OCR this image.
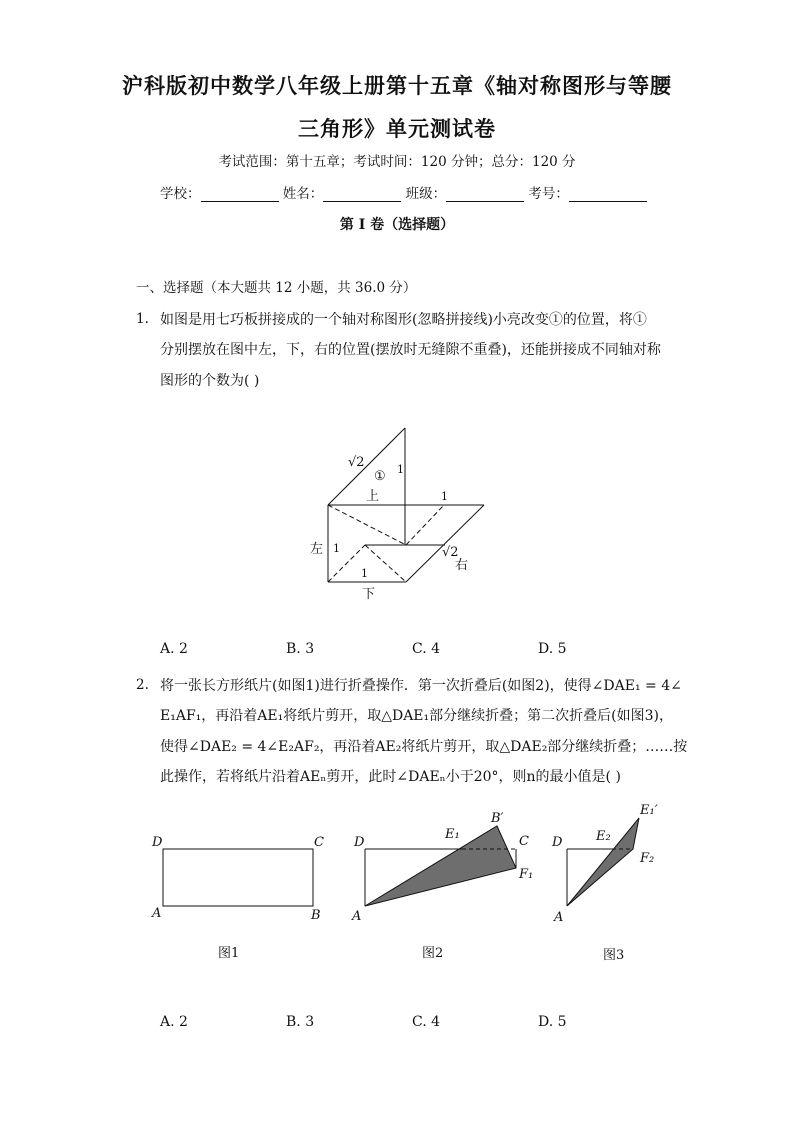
沪科版初中数学八年级上册第十五章《轴对称图形与等腰
三角形》单元测试卷
考试范围：第十五章；考试时间：120 分钟；总分：120 分
学校：	姓名：	班级：	考号：
第 I 卷（选择题）
一、选择题（本大题共 12 小题，共 36.0 分）
1. 如图是用七巧板拼接成的一个轴对称图形(忽略拼接线)小亮改变①的位置，将①
分别摆放在图中左，下，右的位置(摆放时无缝隙不重叠)，还能拼接成不同轴对称
图形的个数为( )
√2
① 1
上	1
左 1	√2
右
1
下
A. 2	B. 3	C. 4	D. 5
2. 将一张长方形纸片(如图1)进行折叠操作．第一次折叠后(如图2)，使得∠DAE₁ = 4∠
E₁AF₁，再沿着AE₁将纸片剪开，取△DAE₁部分继续折叠；第二次折叠后(如图3)，
使得∠DAE₂ = 4∠E₂AF₂，再沿着AE₂将纸片剪开，取△DAE₂部分继续折叠；……按
此操作，若将纸片沿着AEₙ剪开，此时∠DAEₙ小于20°，则n的最小值是( )
D	C
A	B
图1
D
E₁
B′
C
F₁
A
图2
D	E₂
E₁′
F₂
A
图3
A. 2	B. 3	C. 4	D. 5
